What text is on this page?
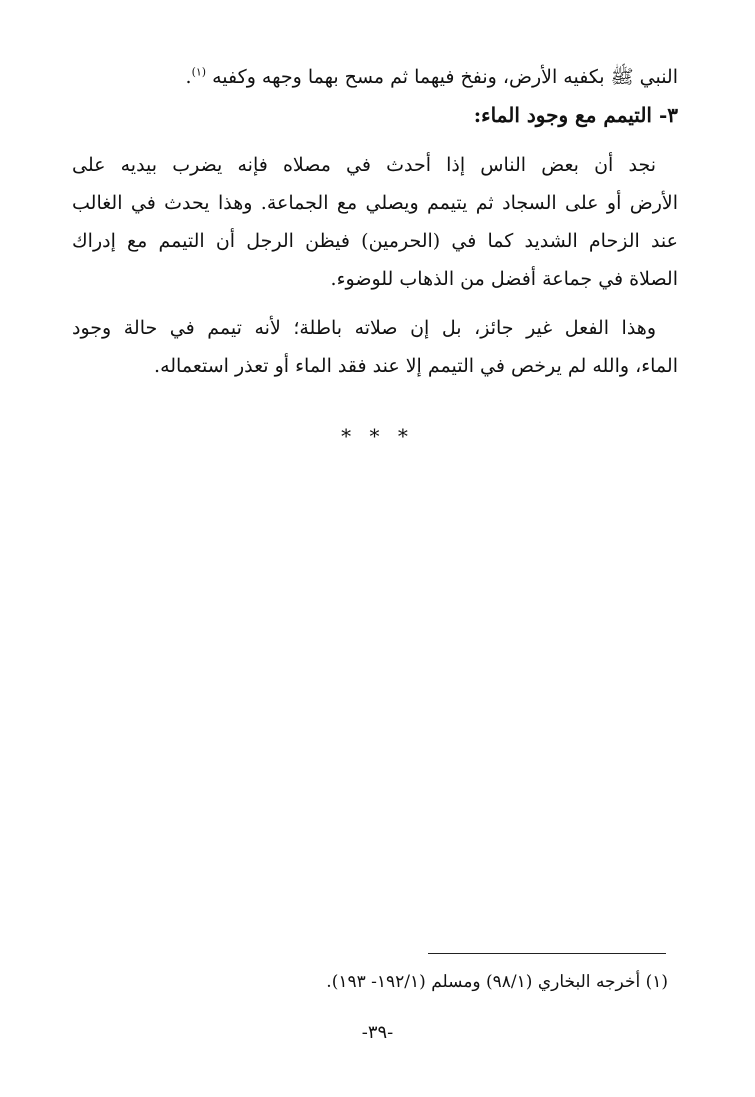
النبي ﷺ بكفيه الأرض، ونفخ فيهما ثم مسح بهما وجهه وكفيه $^{(١)}$.
٣- التيمم مع وجود الماء:
نجد أن بعض الناس إذا أحدث في مصلاه فإنه يضرب بيديه على
الأرض أو على السجاد ثم يتيمم ويصلي مع الجماعة. وهذا يحدث في الغالب
عند الزحام الشديد كما في (الحرمين) فيظن الرجل أن التيمم مع إدراك
الصلاة في جماعة أفضل من الذهاب للوضوء.
وهذا الفعل غير جائز، بل إن صلاته باطلة؛ لأنه تيمم في حالة وجود
الماء، والله لم يرخص في التيمم إلا عند فقد الماء أو تعذر استعماله.
* * *
(١) أخرجه البخاري (٩٨/١) ومسلم (١٩٢/١- ١٩٣).
-٣٩-
